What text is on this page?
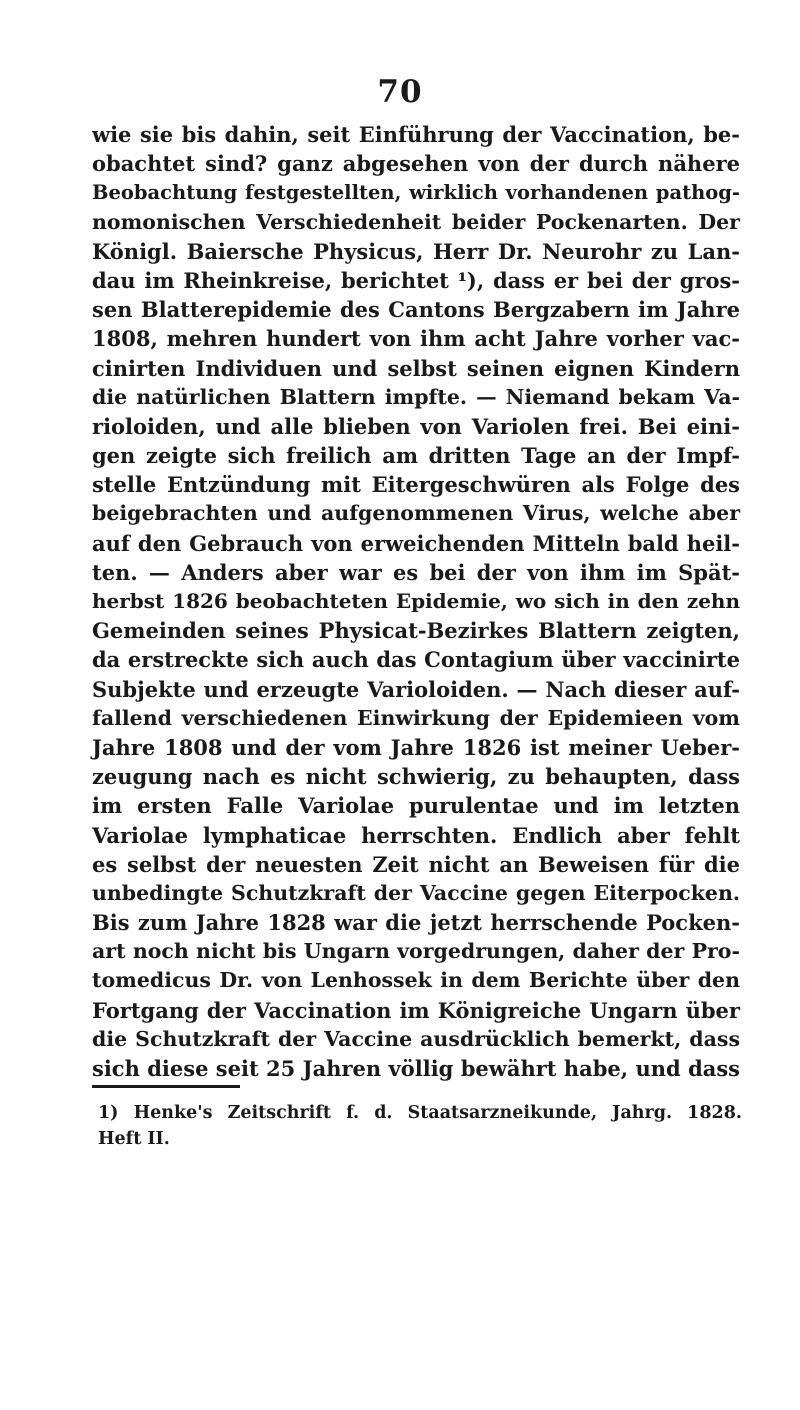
70
wie sie bis dahin, seit Einführung der Vaccination, be-
obachtet sind? ganz abgesehen von der durch nähere
Beobachtung festgestellten, wirklich vorhandenen pathog-
nomonischen Verschiedenheit beider Pockenarten. Der
Königl. Baiersche Physicus, Herr Dr. Neurohr zu Lan-
dau im Rheinkreise, berichtet ¹), dass er bei der gros-
sen Blatterepidemie des Cantons Bergzabern im Jahre
1808, mehren hundert von ihm acht Jahre vorher vac-
cinirten Individuen und selbst seinen eignen Kindern
die natürlichen Blattern impfte. — Niemand bekam Va-
rioloiden, und alle blieben von Variolen frei. Bei eini-
gen zeigte sich freilich am dritten Tage an der Impf-
stelle Entzündung mit Eitergeschwüren als Folge des
beigebrachten und aufgenommenen Virus, welche aber
auf den Gebrauch von erweichenden Mitteln bald heil-
ten. — Anders aber war es bei der von ihm im Spät-
herbst 1826 beobachteten Epidemie, wo sich in den zehn
Gemeinden seines Physicat-Bezirkes Blattern zeigten,
da erstreckte sich auch das Contagium über vaccinirte
Subjekte und erzeugte Varioloiden. — Nach dieser auf-
fallend verschiedenen Einwirkung der Epidemieen vom
Jahre 1808 und der vom Jahre 1826 ist meiner Ueber-
zeugung nach es nicht schwierig, zu behaupten, dass
im ersten Falle Variolae purulentae und im letzten
Variolae lymphaticae herrschten. Endlich aber fehlt
es selbst der neuesten Zeit nicht an Beweisen für die
unbedingte Schutzkraft der Vaccine gegen Eiterpocken.
Bis zum Jahre 1828 war die jetzt herrschende Pocken-
art noch nicht bis Ungarn vorgedrungen, daher der Pro-
tomedicus Dr. von Lenhossek in dem Berichte über den
Fortgang der Vaccination im Königreiche Ungarn über
die Schutzkraft der Vaccine ausdrücklich bemerkt, dass
sich diese seit 25 Jahren völlig bewährt habe, und dass
1) Henke's Zeitschrift f. d. Staatsarzneikunde, Jahrg. 1828.
Heft II.
